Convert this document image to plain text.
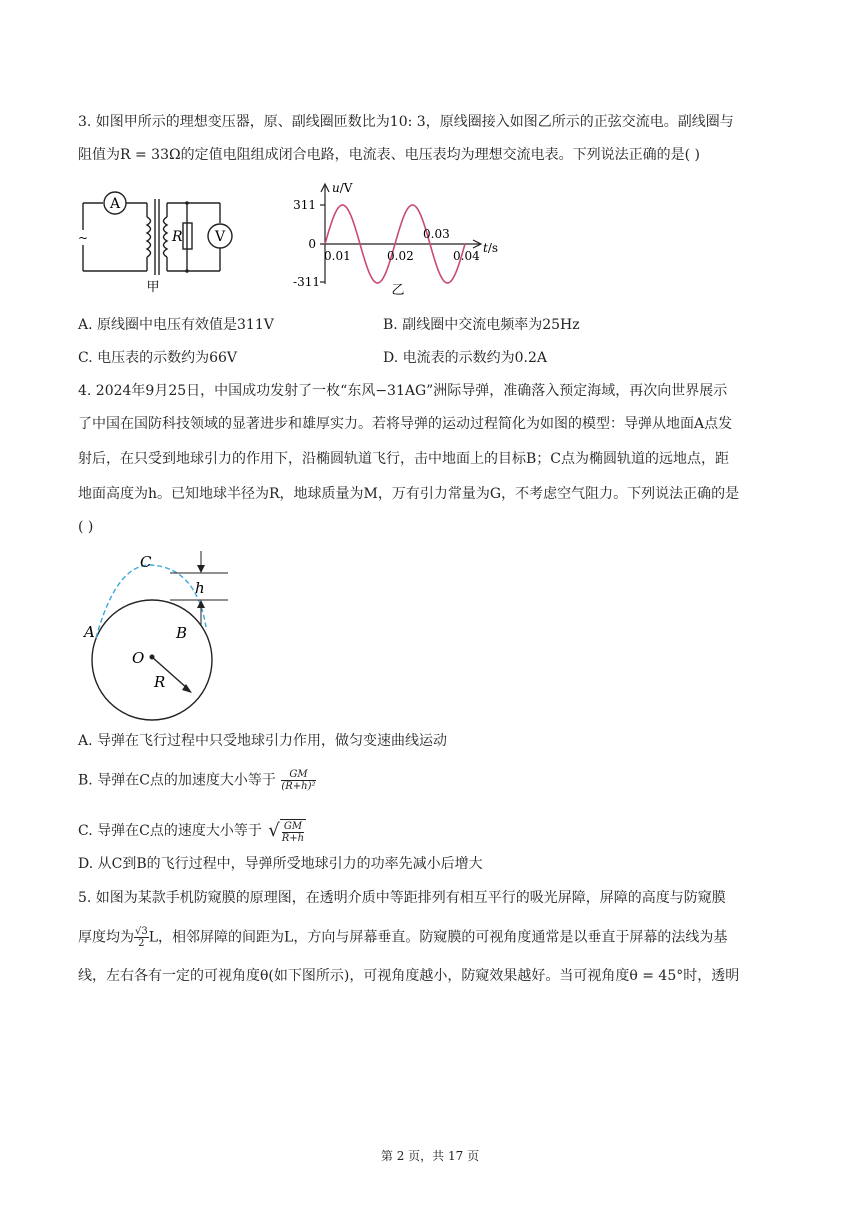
3. 如图甲所示的理想变压器，原、副线圈匝数比为10: 3，原线圈接入如图乙所示的正弦交流电。副线圈与
阻值为R = 33Ω的定值电阻组成闭合电路，电流表、电压表均为理想交流电表。下列说法正确的是( )
A
V
R
~
甲
u/V
t/s
311
0
-311
0.01	0.02
0.03
0.04
乙
A. 原线圈中电压有效值是311V	B. 副线圈中交流电频率为25Hz
C. 电压表的示数约为66V	D. 电流表的示数约为0.2A
4. 2024年9月25日，中国成功发射了一枚“东风−31AG”洲际导弹，准确落入预定海域，再次向世界展示
了中国在国防科技领域的显著进步和雄厚实力。若将导弹的运动过程简化为如图的模型：导弹从地面A点发
射后，在只受到地球引力的作用下，沿椭圆轨道飞行，击中地面上的目标B；C点为椭圆轨道的远地点，距
地面高度为h。已知地球半径为R，地球质量为M，万有引力常量为G，不考虑空气阻力。下列说法正确的是
( )
C
h
A	B
O
R
A. 导弹在飞行过程中只受地球引力作用，做匀变速曲线运动
B. 导弹在C点的加速度大小等于 $\frac{GM}{\text{(R+h)²}}$
C. 导弹在C点的速度大小等于 √ $\frac{GM}{R+h}$
D. 从C到B的飞行过程中，导弹所受地球引力的功率先减小后增大
5. 如图为某款手机防窥膜的原理图，在透明介质中等距排列有相互平行的吸光屏障，屏障的高度与防窥膜
厚度均为 $\frac{√3}{2}$ L，相邻屏障的间距为L，方向与屏幕垂直。防窥膜的可视角度通常是以垂直于屏幕的法线为基
线，左右各有一定的可视角度θ(如下图所示)，可视角度越小，防窥效果越好。当可视角度θ = 45°时，透明
第 2 页，共 17 页
